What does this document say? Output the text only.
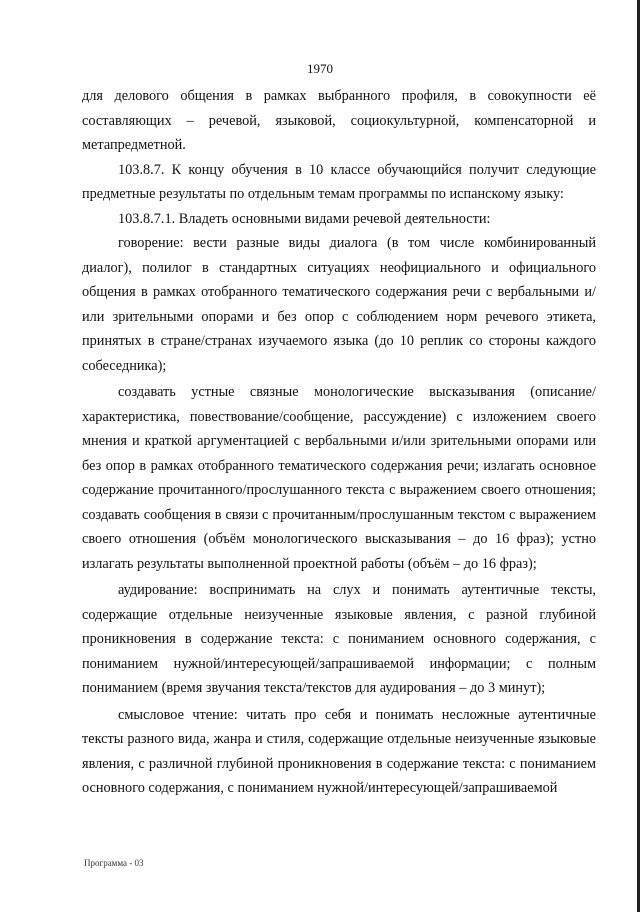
1970

для делового общения в рамках выбранного профиля, в совокупности её составляющих – речевой, языковой, социокультурной, компенсаторной и метапредметной.

103.8.7. К концу обучения в 10 классе обучающийся получит следующие предметные результаты по отдельным темам программы по испанскому языку:

103.8.7.1. Владеть основными видами речевой деятельности:

говорение: вести разные виды диалога (в том числе комбинированный диалог), полилог в стандартных ситуациях неофициального и официального общения в рамках отобранного тематического содержания речи с вербальными и/или зрительными опорами и без опор с соблюдением норм речевого этикета, принятых в стране/странах изучаемого языка (до 10 реплик со стороны каждого собеседника);

создавать устные связные монологические высказывания (описание/характеристика, повествование/сообщение, рассуждение) с изложением своего мнения и краткой аргументацией с вербальными и/или зрительными опорами или без опор в рамках отобранного тематического содержания речи; излагать основное содержание прочитанного/прослушанного текста с выражением своего отношения; создавать сообщения в связи с прочитанным/прослушанным текстом с выражением своего отношения (объём монологического высказывания – до 16 фраз); устно излагать результаты выполненной проектной работы (объём – до 16 фраз);

аудирование: воспринимать на слух и понимать аутентичные тексты, содержащие отдельные неизученные языковые явления, с разной глубиной проникновения в содержание текста: с пониманием основного содержания, с пониманием нужной/интересующей/запрашиваемой информации; с полным пониманием (время звучания текста/текстов для аудирования – до 3 минут);

смысловое чтение: читать про себя и понимать несложные аутентичные тексты разного вида, жанра и стиля, содержащие отдельные неизученные языковые явления, с различной глубиной проникновения в содержание текста: с пониманием основного содержания, с пониманием нужной/интересующей/запрашиваемой

Программа - 03
